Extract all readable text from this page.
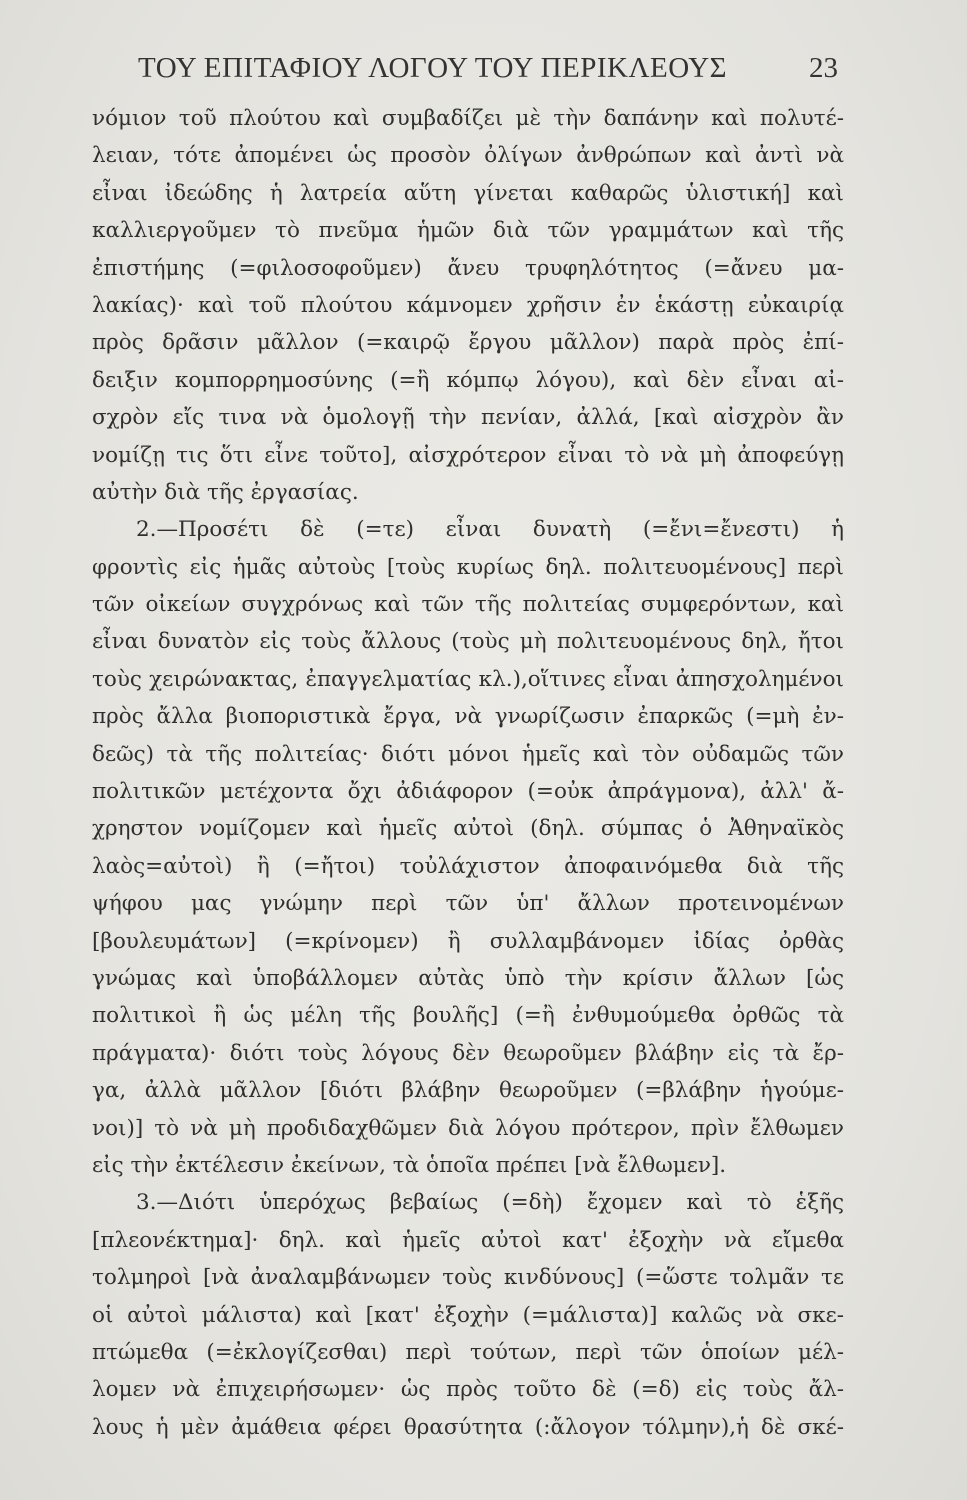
ΤΟΥ ΕΠΙΤΑΦΙΟΥ ΛΟΓΟΥ ΤΟΥ ΠΕΡΙΚΛΕΟΥΣ	23
νόμιον τοῦ πλούτου καὶ συμβαδίζει μὲ τὴν δαπάνην καὶ πολυτέ-
λειαν, τότε ἀπομένει ὡς προσὸν ὀλίγων ἀνθρώπων καὶ ἀντὶ νὰ
εἶναι ἰδεώδης ἡ λατρεία αὕτη γίνεται καθαρῶς ὑλιστική] καὶ
καλλιεργοῦμεν τὸ πνεῦμα ἡμῶν διὰ τῶν γραμμάτων καὶ τῆς
ἐπιστήμης (=φιλοσοφοῦμεν) ἄνευ τρυφηλότητος (=ἄνευ μα-
λακίας)· καὶ τοῦ πλούτου κάμνομεν χρῆσιν ἐν ἑκάστῃ εὐκαιρίᾳ
πρὸς δρᾶσιν μᾶλλον (=καιρῷ ἔργου μᾶλλον) παρὰ πρὸς ἐπί-
δειξιν κομπορρημοσύνης (=ἢ κόμπῳ λόγου), καὶ δὲν εἶναι αἰ-
σχρὸν εἴς τινα νὰ ὁμολογῇ τὴν πενίαν, ἀλλά, [καὶ αἰσχρὸν ἂν
νομίζῃ τις ὅτι εἶνε τοῦτο], αἰσχρότερον εἶναι τὸ νὰ μὴ ἀποφεύγῃ
αὐτὴν διὰ τῆς ἐργασίας.
2.—Προσέτι δὲ (=τε) εἶναι δυνατὴ (=ἔνι=ἔνεστι) ἡ
φροντὶς εἰς ἡμᾶς αὐτοὺς [τοὺς κυρίως δηλ. πολιτευομένους] περὶ
τῶν οἰκείων συγχρόνως καὶ τῶν τῆς πολιτείας συμφερόντων, καὶ
εἶναι δυνατὸν εἰς τοὺς ἄλλους (τοὺς μὴ πολιτευομένους δηλ, ἤτοι
τοὺς χειρώνακτας, ἐπαγγελματίας κλ.),οἵτινες εἶναι ἀπησχολημένοι
πρὸς ἄλλα βιοποριστικὰ ἔργα, νὰ γνωρίζωσιν ἐπαρκῶς (=μὴ ἐν-
δεῶς) τὰ τῆς πολιτείας· διότι μόνοι ἡμεῖς καὶ τὸν οὐδαμῶς τῶν
πολιτικῶν μετέχοντα ὄχι ἀδιάφορον (=οὐκ ἀπράγμονα), ἀλλ' ἄ-
χρηστον νομίζομεν καὶ ἡμεῖς αὐτοὶ (δηλ. σύμπας ὁ Ἀθηναϊκὸς
λαὸς=αὐτοὶ) ἢ (=ἤτοι) τοὐλάχιστον ἀποφαινόμεθα διὰ τῆς
ψήφου μας γνώμην περὶ τῶν ὑπ' ἄλλων προτεινομένων
[βουλευμάτων] (=κρίνομεν) ἢ συλλαμβάνομεν ἰδίας ὀρθὰς
γνώμας καὶ ὑποβάλλομεν αὐτὰς ὑπὸ τὴν κρίσιν ἄλλων [ὡς
πολιτικοὶ ἢ ὡς μέλη τῆς βουλῆς] (=ἢ ἐνθυμούμεθα ὀρθῶς τὰ
πράγματα)· διότι τοὺς λόγους δὲν θεωροῦμεν βλάβην εἰς τὰ ἔρ-
γα, ἀλλὰ μᾶλλον [διότι βλάβην θεωροῦμεν (=βλάβην ἡγούμε-
νοι)] τὸ νὰ μὴ προδιδαχθῶμεν διὰ λόγου πρότερον, πρὶν ἔλθωμεν
εἰς τὴν ἐκτέλεσιν ἐκείνων, τὰ ὁποῖα πρέπει [νὰ ἔλθωμεν].
3.—Διότι ὑπερόχως βεβαίως (=δὴ) ἔχομεν καὶ τὸ ἑξῆς
[πλεονέκτημα]· δηλ. καὶ ἡμεῖς αὐτοὶ κατ' ἐξοχὴν νὰ εἴμεθα
τολμηροὶ [νὰ ἀναλαμβάνωμεν τοὺς κινδύνους] (=ὥστε τολμᾶν τε
οἱ αὐτοὶ μάλιστα) καὶ [κατ' ἐξοχὴν (=μάλιστα)] καλῶς νὰ σκε-
πτώμεθα (=ἐκλογίζεσθαι) περὶ τούτων, περὶ τῶν ὁποίων μέλ-
λομεν νὰ ἐπιχειρήσωμεν· ὡς πρὸς τοῦτο δὲ (=δ) εἰς τοὺς ἄλ-
λους ἡ μὲν ἀμάθεια φέρει θρασύτητα (:ἄλογον τόλμην),ἡ δὲ σκέ-
